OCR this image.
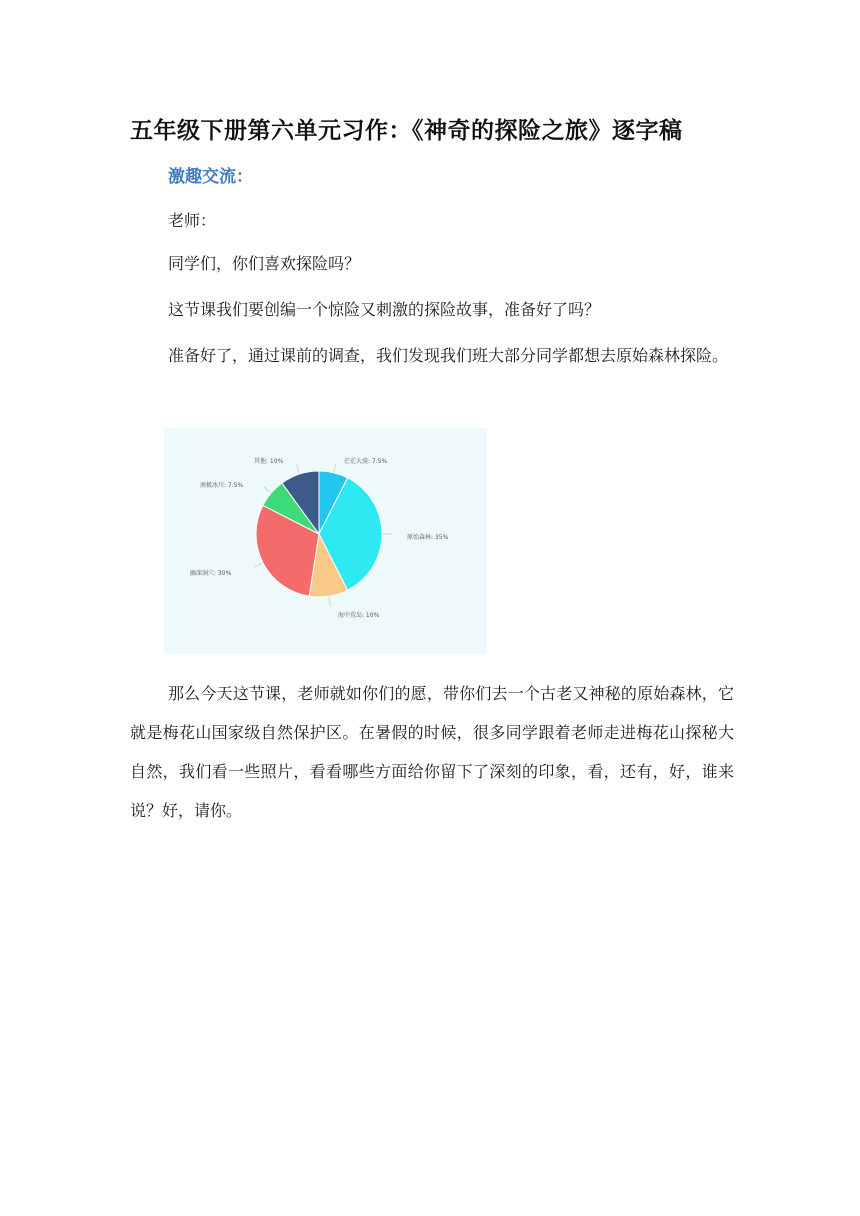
五年级下册第六单元习作：《神奇的探险之旅》逐字稿
激趣交流：

老师：

同学们，你们喜欢探险吗？

这节课我们要创编一个惊险又刺激的探险故事，准备好了吗？

准备好了，通过课前的调查，我们发现我们班大部分同学都想去原始森林探险。

茫茫大漠: 7.5%
原始森林: 35%
海中荒岛: 10%
幽深洞穴: 30%
南极冰川: 7.5%
其他: 10%

那么今天这节课，老师就如你们的愿，带你们去一个古老又神秘的原始森林，它就是梅花山国家级自然保护区。在暑假的时候，很多同学跟着老师走进梅花山探秘大自然，我们看一些照片，看看哪些方面给你留下了深刻的印象，看，还有，好，谁来说？好，请你。
